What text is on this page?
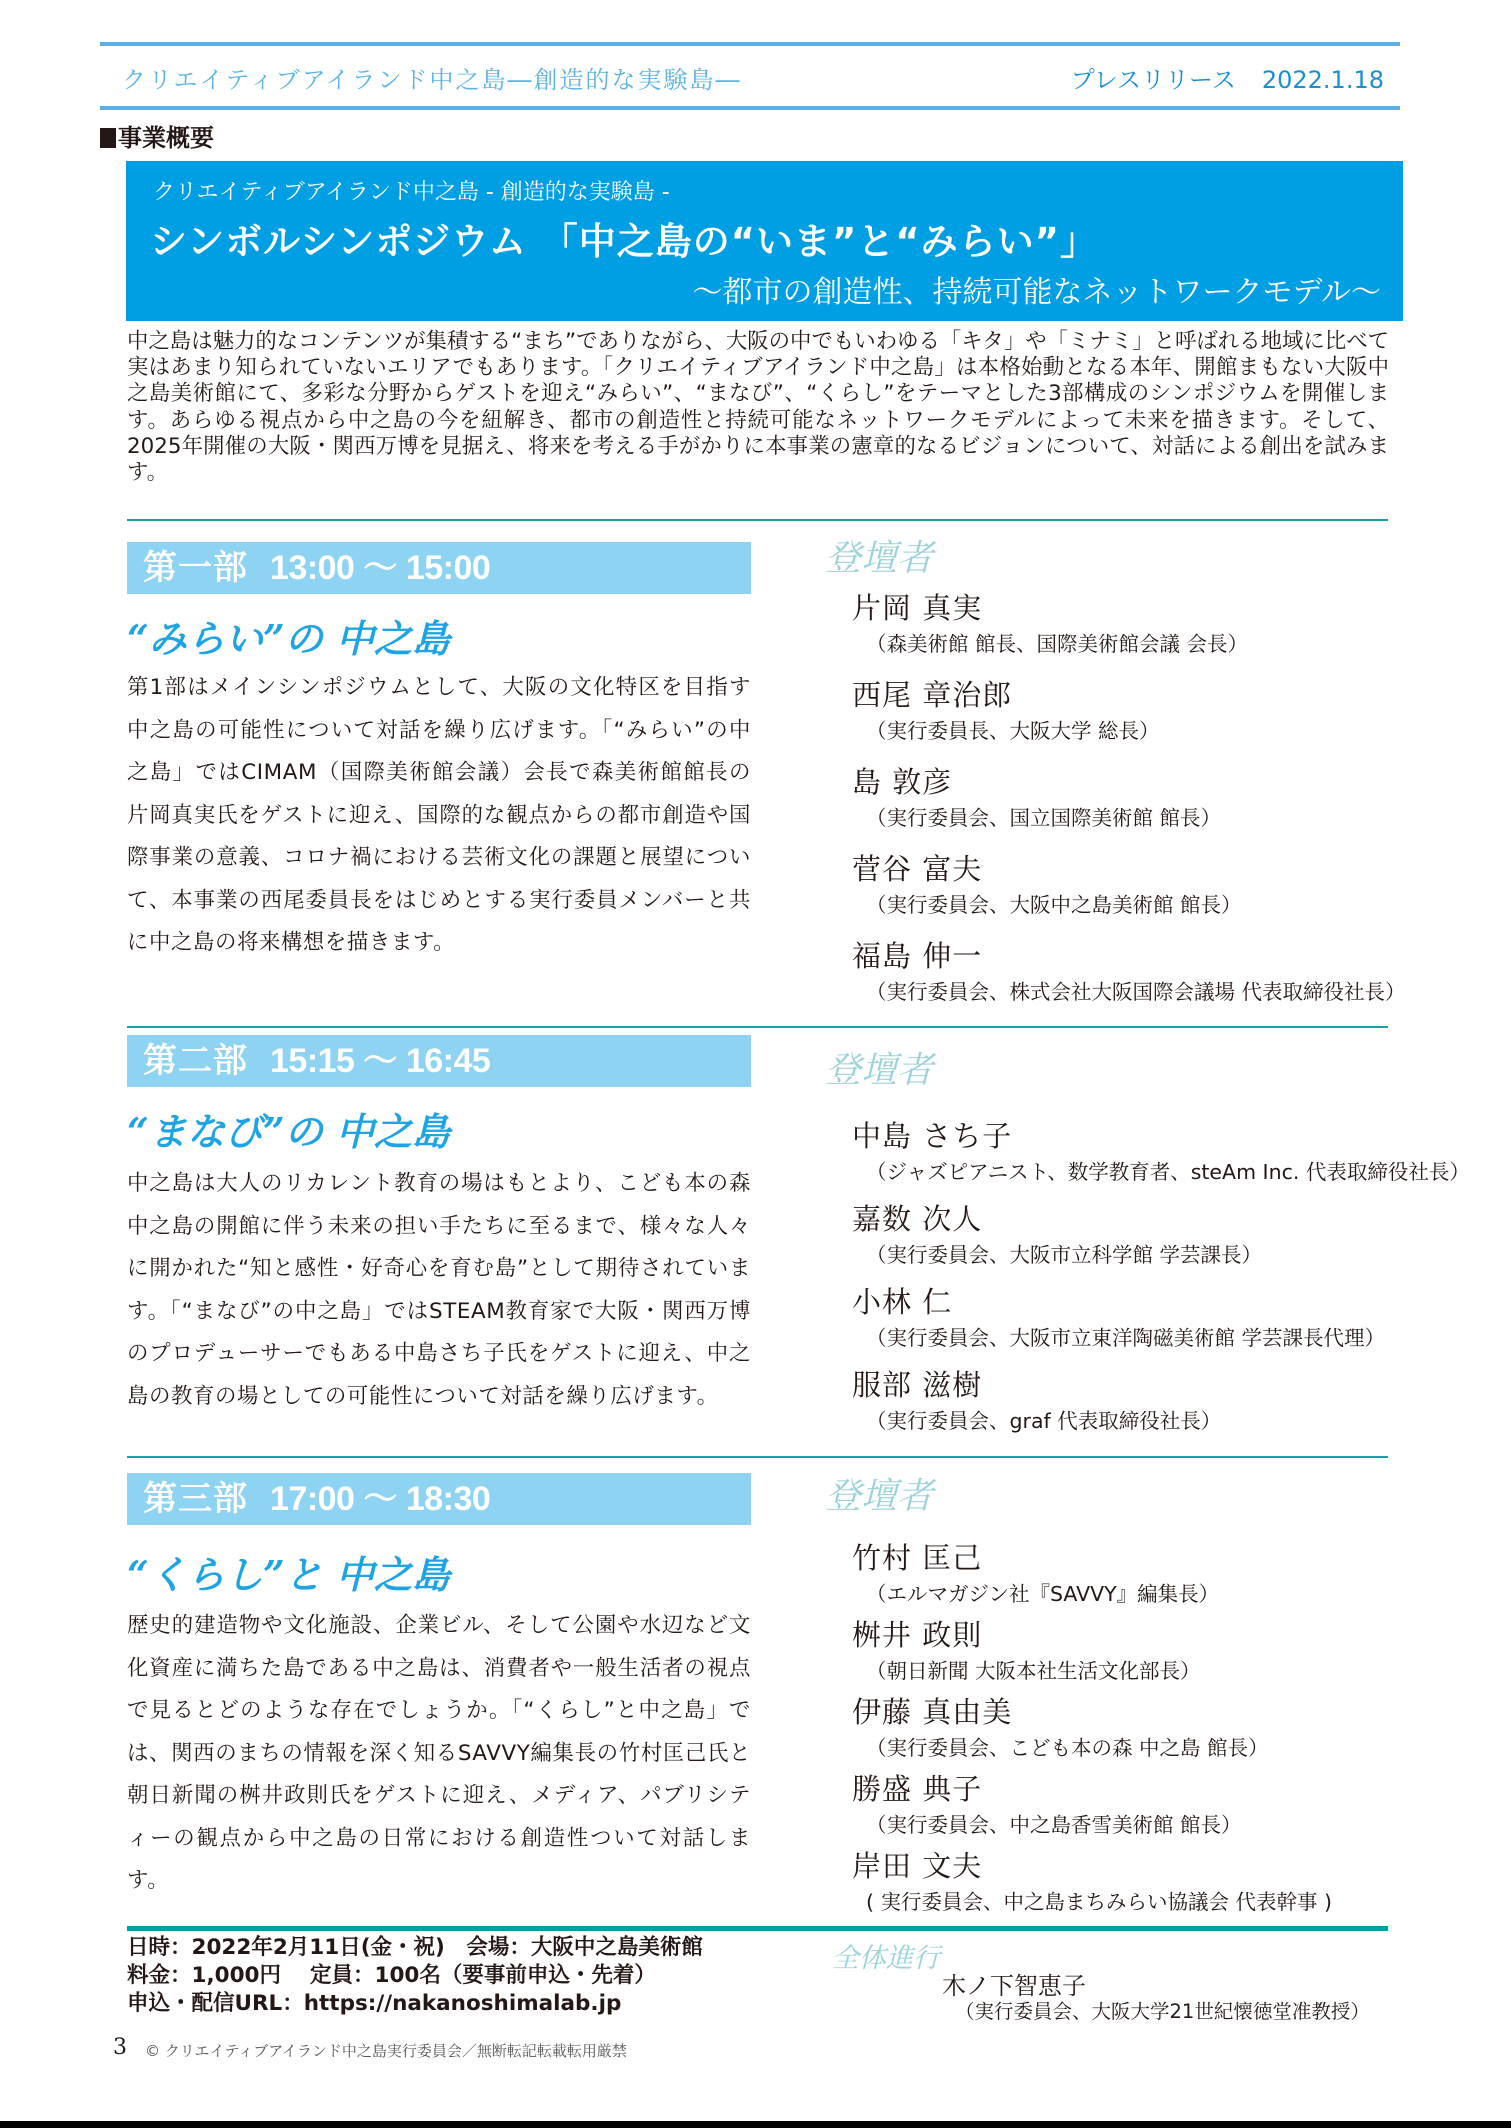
クリエイティブアイランド中之島―創造的な実験島―	プレスリリース 2022.1.18
事業概要
クリエイティブアイランド中之島 - 創造的な実験島 -
シンボルシンポジウム 「中之島の“いま”と“みらい”」
〜都市の創造性、持続可能なネットワークモデル〜
中之島は魅力的なコンテンツが集積する“まち”でありながら、大阪の中でもいわゆる「キタ」や「ミナミ」と呼ばれる地域に比べて実はあまり知られていないエリアでもあります。「クリエイティブアイランド中之島」は本格始動となる本年、開館まもない大阪中之島美術館にて、多彩な分野からゲストを迎え“みらい”、“まなび”、“くらし”をテーマとした3部構成のシンポジウムを開催します。あらゆる視点から中之島の今を紐解き、都市の創造性と持続可能なネットワークモデルによって未来を描きます。そして、2025年開催の大阪・関西万博を見据え、将来を考える手がかりに本事業の憲章的なるビジョンについて、対話による創出を試みます。
第一部 13:00 〜 15:00
“みらい”の 中之島
第1部はメインシンポジウムとして、大阪の文化特区を目指す中之島の可能性について対話を繰り広げます。「“みらい”の中之島」ではCIMAM（国際美術館会議）会長で森美術館館長の片岡真実氏をゲストに迎え、国際的な観点からの都市創造や国際事業の意義、コロナ禍における芸術文化の課題と展望について、本事業の西尾委員長をはじめとする実行委員メンバーと共に中之島の将来構想を描きます。
登壇者
片岡 真実
（森美術館 館長、国際美術館会議 会長）
西尾 章治郎
（実行委員長、大阪大学 総長）
島 敦彦
（実行委員会、国立国際美術館 館長）
菅谷 富夫
（実行委員会、大阪中之島美術館 館長）
福島 伸一
（実行委員会、株式会社大阪国際会議場 代表取締役社長）
第二部 15:15 〜 16:45
“まなび”の 中之島
中之島は大人のリカレント教育の場はもとより、こども本の森 中之島の開館に伴う未来の担い手たちに至るまで、様々な人々に開かれた“知と感性・好奇心を育む島”として期待されています。「“まなび”の中之島」ではSTEAM教育家で大阪・関西万博のプロデューサーでもある中島さち子氏をゲストに迎え、中之島の教育の場としての可能性について対話を繰り広げます。
登壇者
中島 さち子
（ジャズピアニスト、数学教育者、steAm Inc. 代表取締役社長）
嘉数 次人
（実行委員会、大阪市立科学館 学芸課長）
小林 仁
（実行委員会、大阪市立東洋陶磁美術館 学芸課長代理）
服部 滋樹
（実行委員会、graf 代表取締役社長）
第三部 17:00 〜 18:30
“くらし”と 中之島
歴史的建造物や文化施設、企業ビル、そして公園や水辺など文化資産に満ちた島である中之島は、消費者や一般生活者の視点で見るとどのような存在でしょうか。「“くらし”と中之島」では、関西のまちの情報を深く知るSAVVY編集長の竹村匡己氏と朝日新聞の桝井政則氏をゲストに迎え、メディア、パブリシティーの観点から中之島の日常における創造性ついて対話します。
登壇者
竹村 匡己
（エルマガジン社『SAVVY』編集長）
桝井 政則
（朝日新聞 大阪本社生活文化部長）
伊藤 真由美
（実行委員会、こども本の森 中之島 館長）
勝盛 典子
（実行委員会、中之島香雪美術館 館長）
岸田 文夫
( 実行委員会、中之島まちみらい協議会 代表幹事 )
日時：2022年2月11日(金・祝)　会場：大阪中之島美術館
料金：1,000円　 定員：100名（要事前申込・先着）
申込・配信URL：https://nakanoshimalab.jp
全体進行
木ノ下智恵子
（実行委員会、大阪大学21世紀懐徳堂准教授）
3 © クリエイティブアイランド中之島実行委員会／無断転記転載転用厳禁
